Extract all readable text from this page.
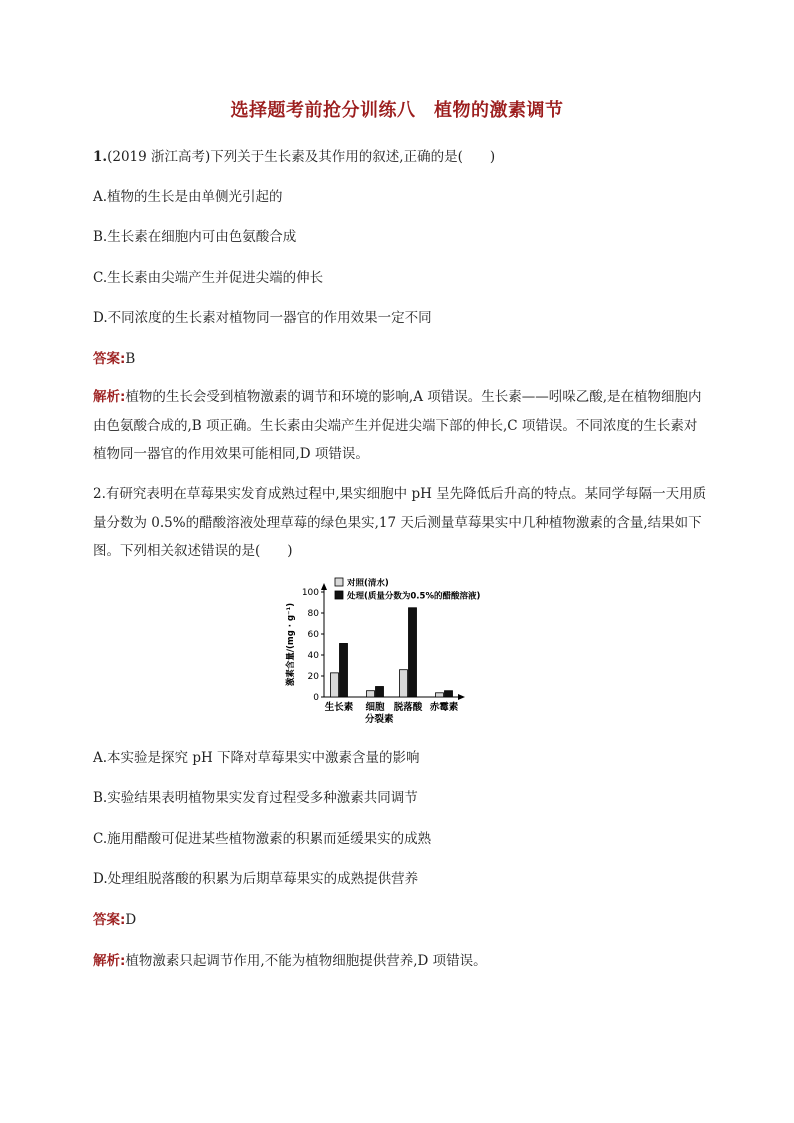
选择题考前抢分训练八　植物的激素调节
1.(2019 浙江高考)下列关于生长素及其作用的叙述,正确的是(　　)
A.植物的生长是由单侧光引起的
B.生长素在细胞内可由色氨酸合成
C.生长素由尖端产生并促进尖端的伸长
D.不同浓度的生长素对植物同一器官的作用效果一定不同
答案:B
解析:植物的生长会受到植物激素的调节和环境的影响,A 项错误。生长素——吲哚乙酸,是在植物细胞内由色氨酸合成的,B 项正确。生长素由尖端产生并促进尖端下部的伸长,C 项错误。不同浓度的生长素对植物同一器官的作用效果可能相同,D 项错误。
2.有研究表明在草莓果实发育成熟过程中,果实细胞中 pH 呈先降低后升高的特点。某同学每隔一天用质量分数为 0.5%的醋酸溶液处理草莓的绿色果实,17 天后测量草莓果实中几种植物激素的含量,结果如下图。下列相关叙述错误的是(　　)
0
20
40
60
80
100
激素含量/(mg · g⁻¹)
生长素 细胞 脱落酸 赤霉素
分裂素
对照(清水)
处理(质量分数为0.5%的醋酸溶液)
A.本实验是探究 pH 下降对草莓果实中激素含量的影响
B.实验结果表明植物果实发育过程受多种激素共同调节
C.施用醋酸可促进某些植物激素的积累而延缓果实的成熟
D.处理组脱落酸的积累为后期草莓果实的成熟提供营养
答案:D
解析:植物激素只起调节作用,不能为植物细胞提供营养,D 项错误。
